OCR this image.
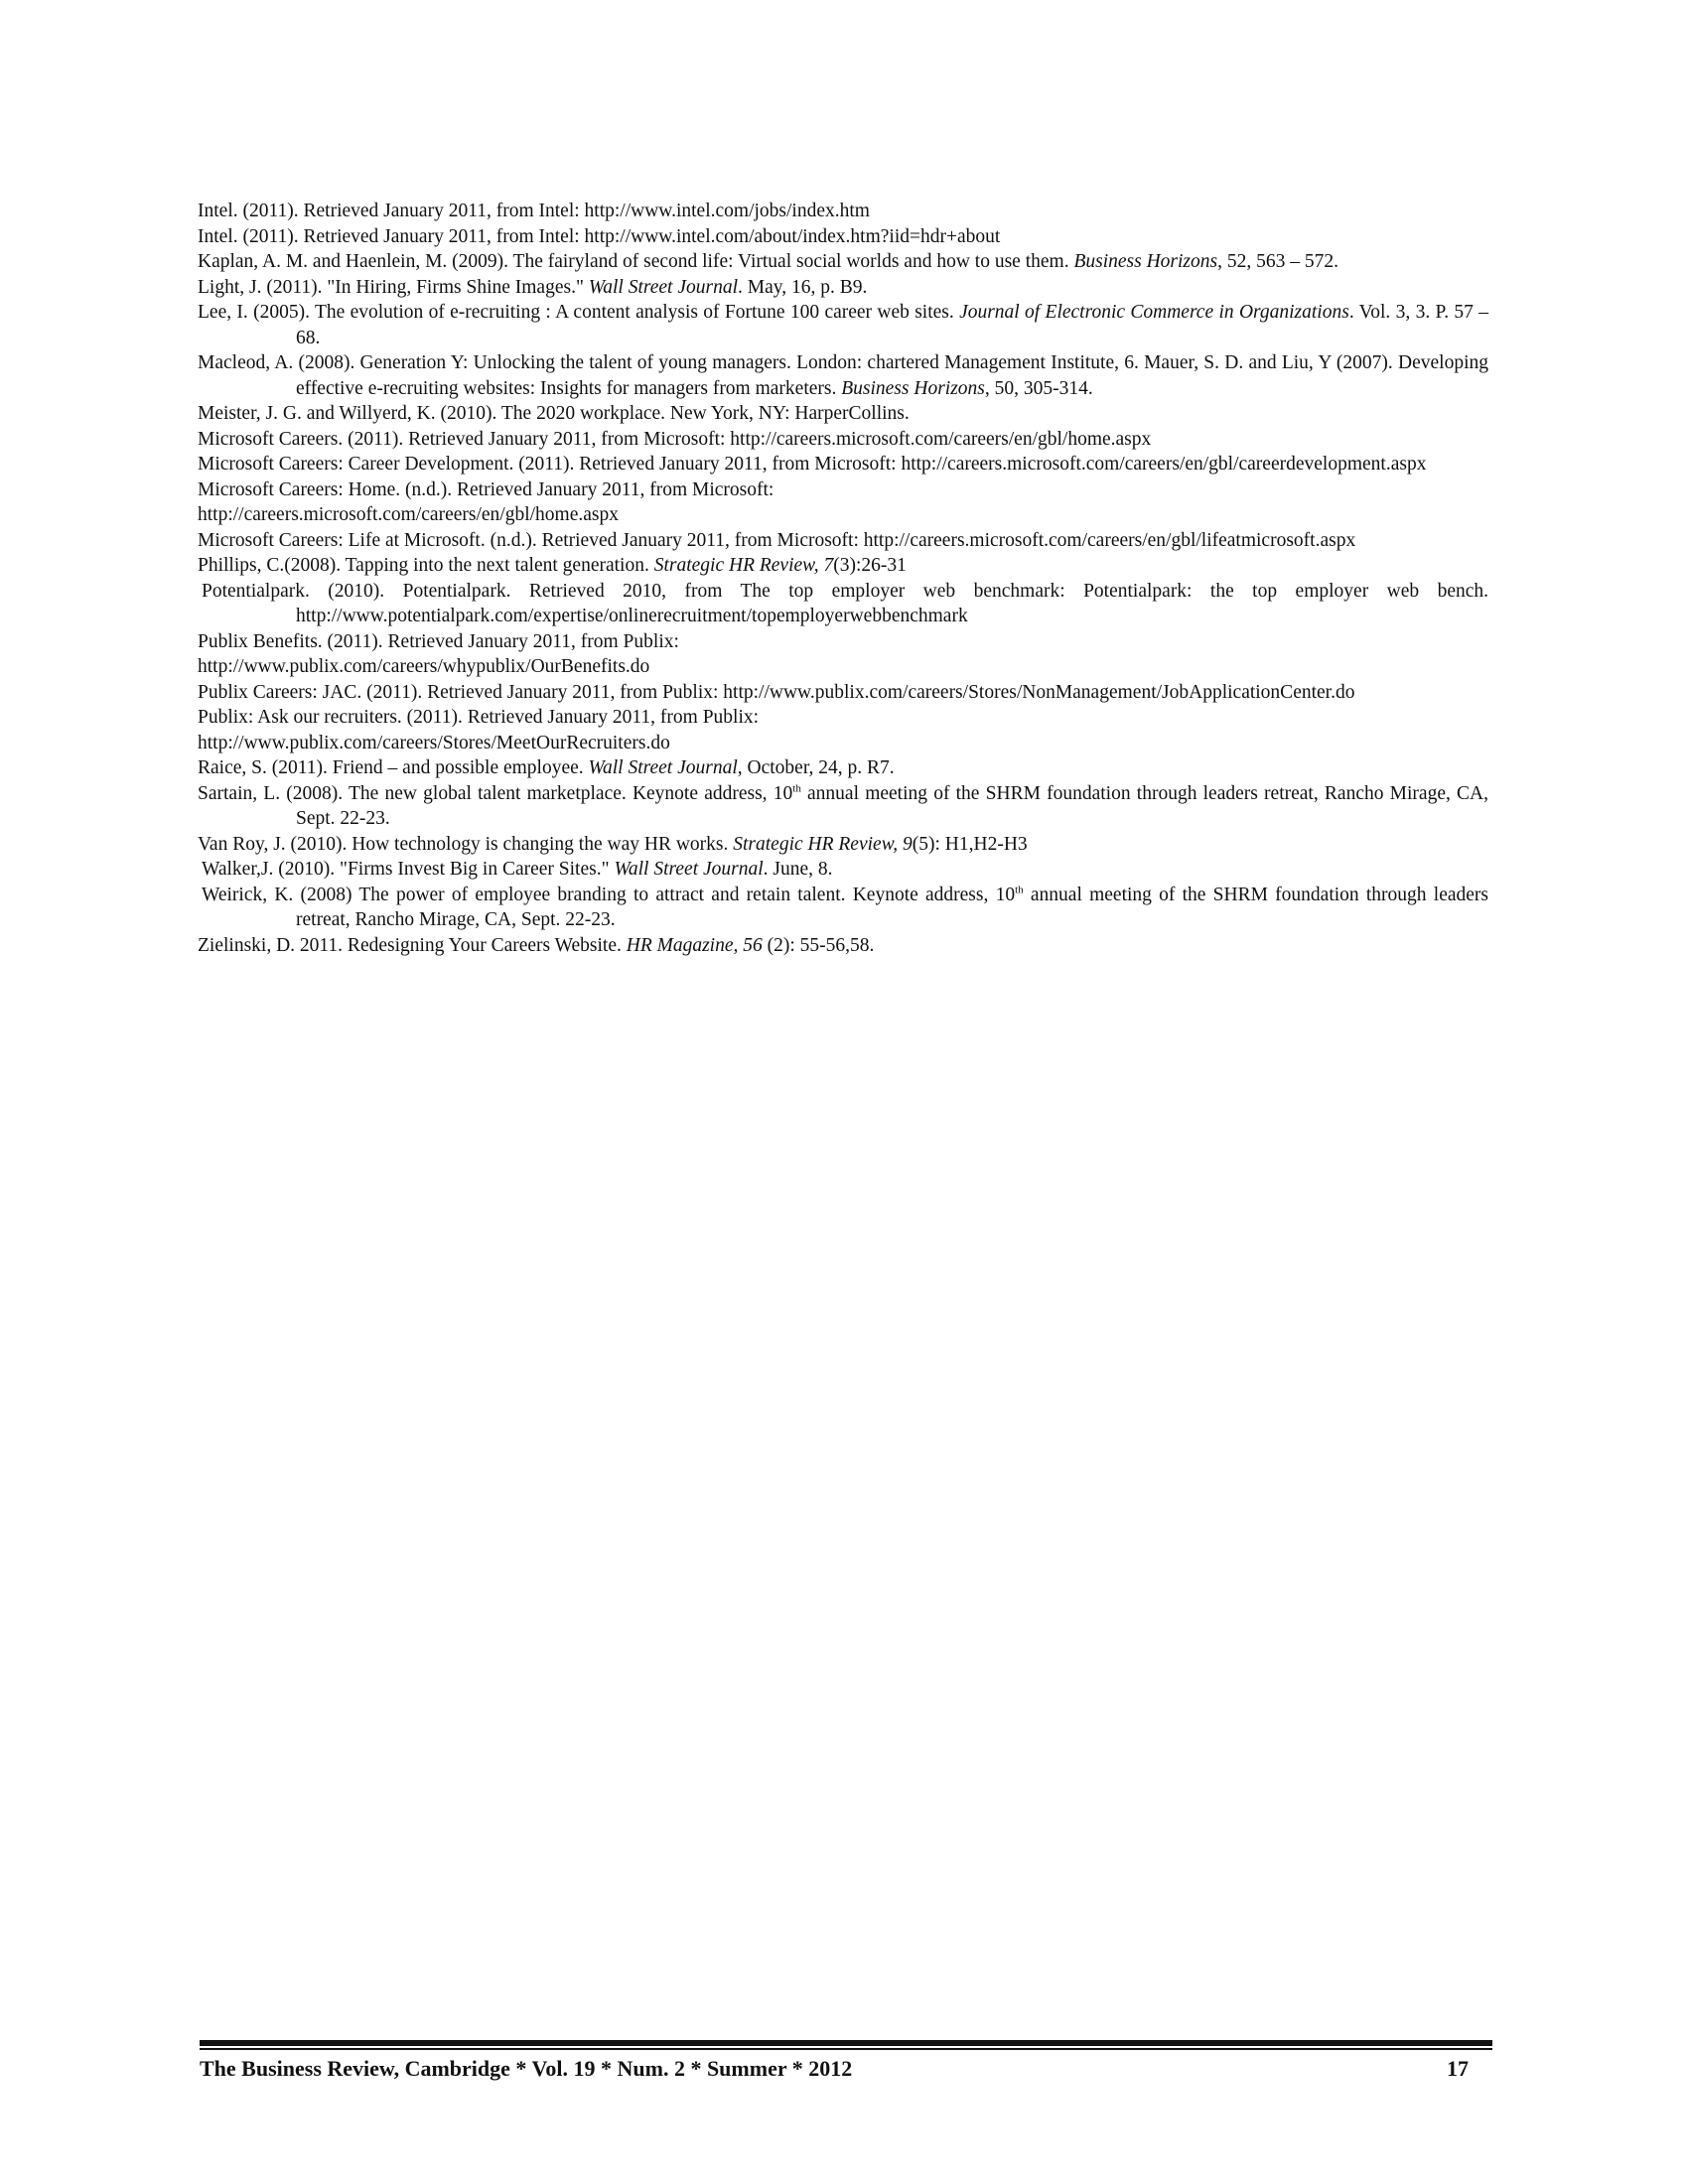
Intel. (2011). Retrieved January 2011, from Intel: http://www.intel.com/jobs/index.htm

Intel. (2011). Retrieved January 2011, from Intel: http://www.intel.com/about/index.htm?iid=hdr+about

Kaplan, A. M. and Haenlein, M. (2009). The fairyland of second life: Virtual social worlds and how to use them. Business Horizons, 52, 563 – 572.

Light, J. (2011). "In Hiring, Firms Shine Images." Wall Street Journal. May, 16, p. B9.

Lee, I. (2005). The evolution of e-recruiting : A content analysis of Fortune 100 career web sites. Journal of Electronic Commerce in Organizations. Vol. 3, 3. P. 57 – 68.

Macleod, A. (2008). Generation Y: Unlocking the talent of young managers. London: chartered Management Institute, 6. Mauer, S. D. and Liu, Y (2007). Developing effective e-recruiting websites: Insights for managers from marketers. Business Horizons, 50, 305-314.

Meister, J. G. and Willyerd, K. (2010). The 2020 workplace. New York, NY: HarperCollins.

Microsoft Careers. (2011). Retrieved January 2011, from Microsoft: http://careers.microsoft.com/careers/en/gbl/home.aspx

Microsoft Careers: Career Development. (2011). Retrieved January 2011, from Microsoft: http://careers.microsoft.com/careers/en/gbl/careerdevelopment.aspx

Microsoft Careers: Home. (n.d.). Retrieved January 2011, from Microsoft:

http://careers.microsoft.com/careers/en/gbl/home.aspx

Microsoft Careers: Life at Microsoft. (n.d.). Retrieved January 2011, from Microsoft: http://careers.microsoft.com/careers/en/gbl/lifeatmicrosoft.aspx

Phillips, C.(2008). Tapping into the next talent generation. Strategic HR Review, 7(3):26-31

Potentialpark. (2010). Potentialpark. Retrieved 2010, from The top employer web benchmark: Potentialpark: the top employer web bench. http://www.potentialpark.com/expertise/onlinerecruitment/topemployerwebbenchmark

Publix Benefits. (2011). Retrieved January 2011, from Publix:

http://www.publix.com/careers/whypublix/OurBenefits.do

Publix Careers: JAC. (2011). Retrieved January 2011, from Publix: http://www.publix.com/careers/Stores/NonManagement/JobApplicationCenter.do

Publix: Ask our recruiters. (2011). Retrieved January 2011, from Publix:

http://www.publix.com/careers/Stores/MeetOurRecruiters.do

Raice, S. (2011). Friend – and possible employee. Wall Street Journal, October, 24, p. R7.

Sartain, L. (2008). The new global talent marketplace. Keynote address, 10th annual meeting of the SHRM foundation through leaders retreat, Rancho Mirage, CA, Sept. 22-23.

Van Roy, J. (2010). How technology is changing the way HR works. Strategic HR Review, 9(5): H1,H2-H3

Walker,J. (2010). "Firms Invest Big in Career Sites." Wall Street Journal. June, 8.

Weirick, K. (2008) The power of employee branding to attract and retain talent. Keynote address, 10th annual meeting of the SHRM foundation through leaders retreat, Rancho Mirage, CA, Sept. 22-23.

Zielinski, D. 2011. Redesigning Your Careers Website. HR Magazine, 56 (2): 55-56,58.

The Business Review, Cambridge * Vol. 19 * Num. 2 * Summer * 2012	17
